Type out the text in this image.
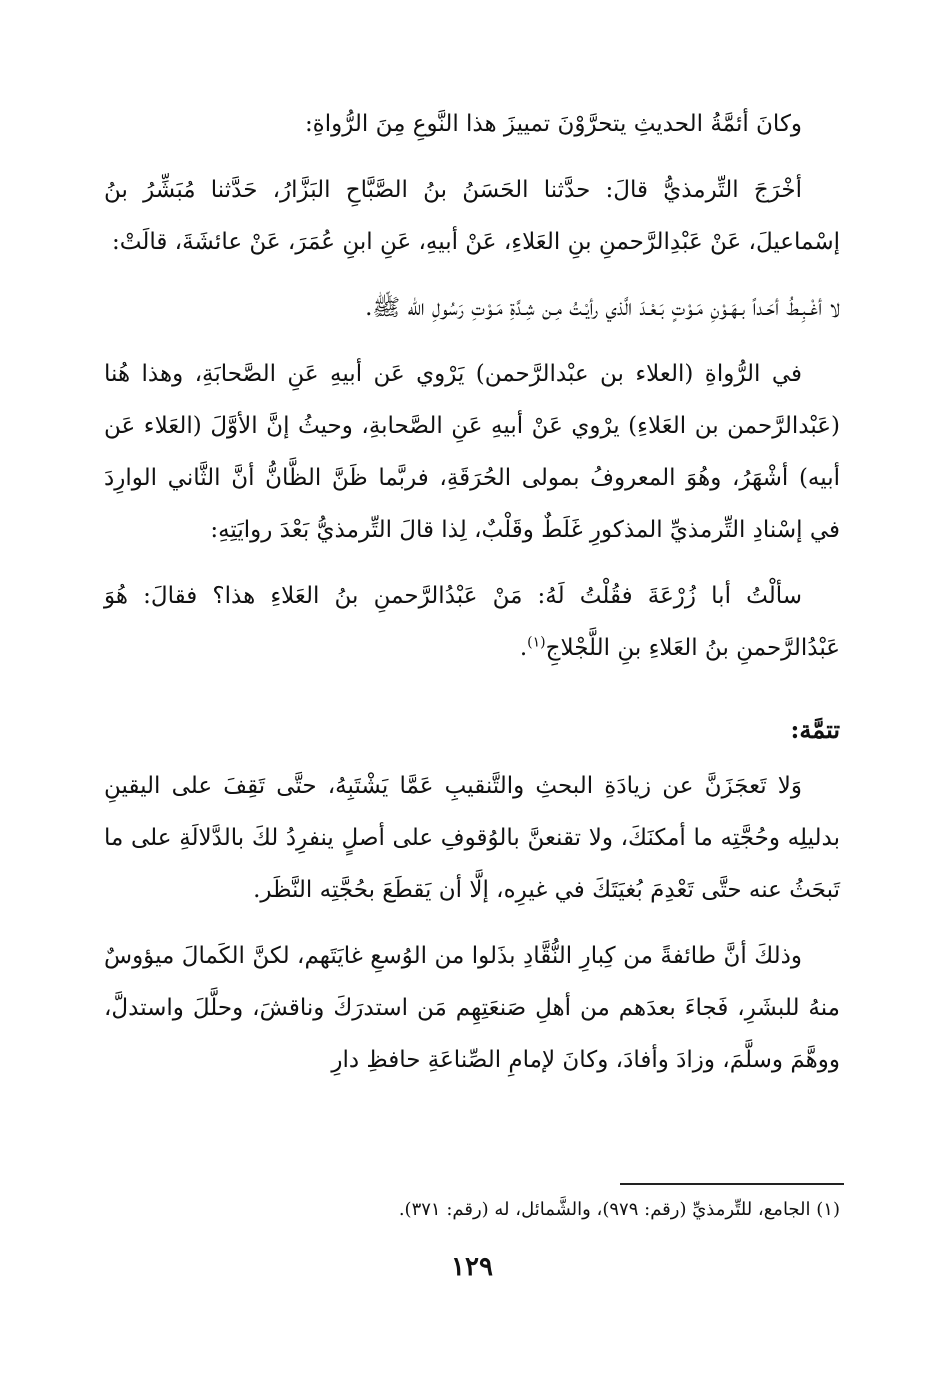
وكانَ أئمَّةُ الحديثِ يتحرَّوْنَ تمييزَ هذا النَّوعِ مِنَ الرُّواةِ:

أخْرَجَ التِّرمذيُّ قالَ: حدَّثنا الحَسَنُ بنُ الصَّبَّاحِ البَزَّارُ، حَدَّثنا مُبَشِّرُ بنُ إسْماعيلَ، عَنْ عَبْدِالرَّحمنِ بنِ العَلاءِ، عَنْ أبيهِ، عَنِ ابنِ عُمَرَ، عَنْ عائشَةَ، قالَتْ:

لا أغْـبِـطُ أحَـداً بـهَـوْنِ مَـوْتٍ بَـعْـدَ الَّذي رأيْـتُ مِـن شِـدَّةِ مَـوْتِ رَسُولِ الله ﷺ.

في الرُّواةِ (العلاء بن عبْدالرَّحمن) يَرْوي عَن أبيهِ عَنِ الصَّحابَةِ، وهذا هُنا (عَبْدالرَّحمن بن العَلاءِ) يرْوي عَنْ أبيهِ عَنِ الصَّحابةِ، وحيثُ إنَّ الأوَّلَ (العَلاء عَن أبيه) أشْهَرُ، وهُوَ المعروفُ بمولى الحُرَقَةِ، فربَّما ظَنَّ الظَّانُّ أنَّ الثَّاني الوارِدَ في إسْنادِ التِّرمذيِّ المذكورِ غَلَطٌ وقَلْبٌ، لِذا قالَ التِّرمذيُّ بَعْدَ روايَتِهِ:

سألْتُ أبا زُرْعَةَ فقُلْتُ لَهُ: مَنْ عَبْدُالرَّحمنِ بنُ العَلاءِ هذا؟ فقالَ: هُوَ عَبْدُالرَّحمنِ بنُ العَلاءِ بنِ اللَّجْلاجِ$^{(١)}$.

تتمَّة:

وَلا تَعجَزَنَّ عن زيادَةِ البحثِ والتَّنقيبِ عَمَّا يَشْتَبِهُ، حتَّى تَقِفَ على اليقينِ بدليلِه وحُجَّتِه ما أمكنَكَ، ولا تقنعنَّ بالوُقوفِ على أصلٍ ينفرِدُ لكَ بالدَّلالَةِ على ما تَبحَثُ عنه حتَّى تَعْدِمَ بُغيَتَكَ في غيرِه، إلَّا أن يَقطَعَ بحُجَّتِه النَّظَر.

وذلكَ أنَّ طائفةً من كِبارِ النُّقَّادِ بذَلوا من الوُسعِ غايَتَهم، لكنَّ الكَمالَ ميؤوسٌ منهُ للبشَرِ، فَجاءَ بعدَهم من أهلِ صَنعَتِهِم مَن استدرَكَ وناقشَ، وحلَّلَ واستدلَّ، ووهَّمَ وسلَّمَ، وزادَ وأفادَ، وكانَ لإمامِ الصِّناعَةِ حافظِ دارِ

(١) الجامع، للتِّرمذيِّ (رقم: ٩٧٩)، والشَّمائل، له (رقم: ٣٧١).
١٢٩
